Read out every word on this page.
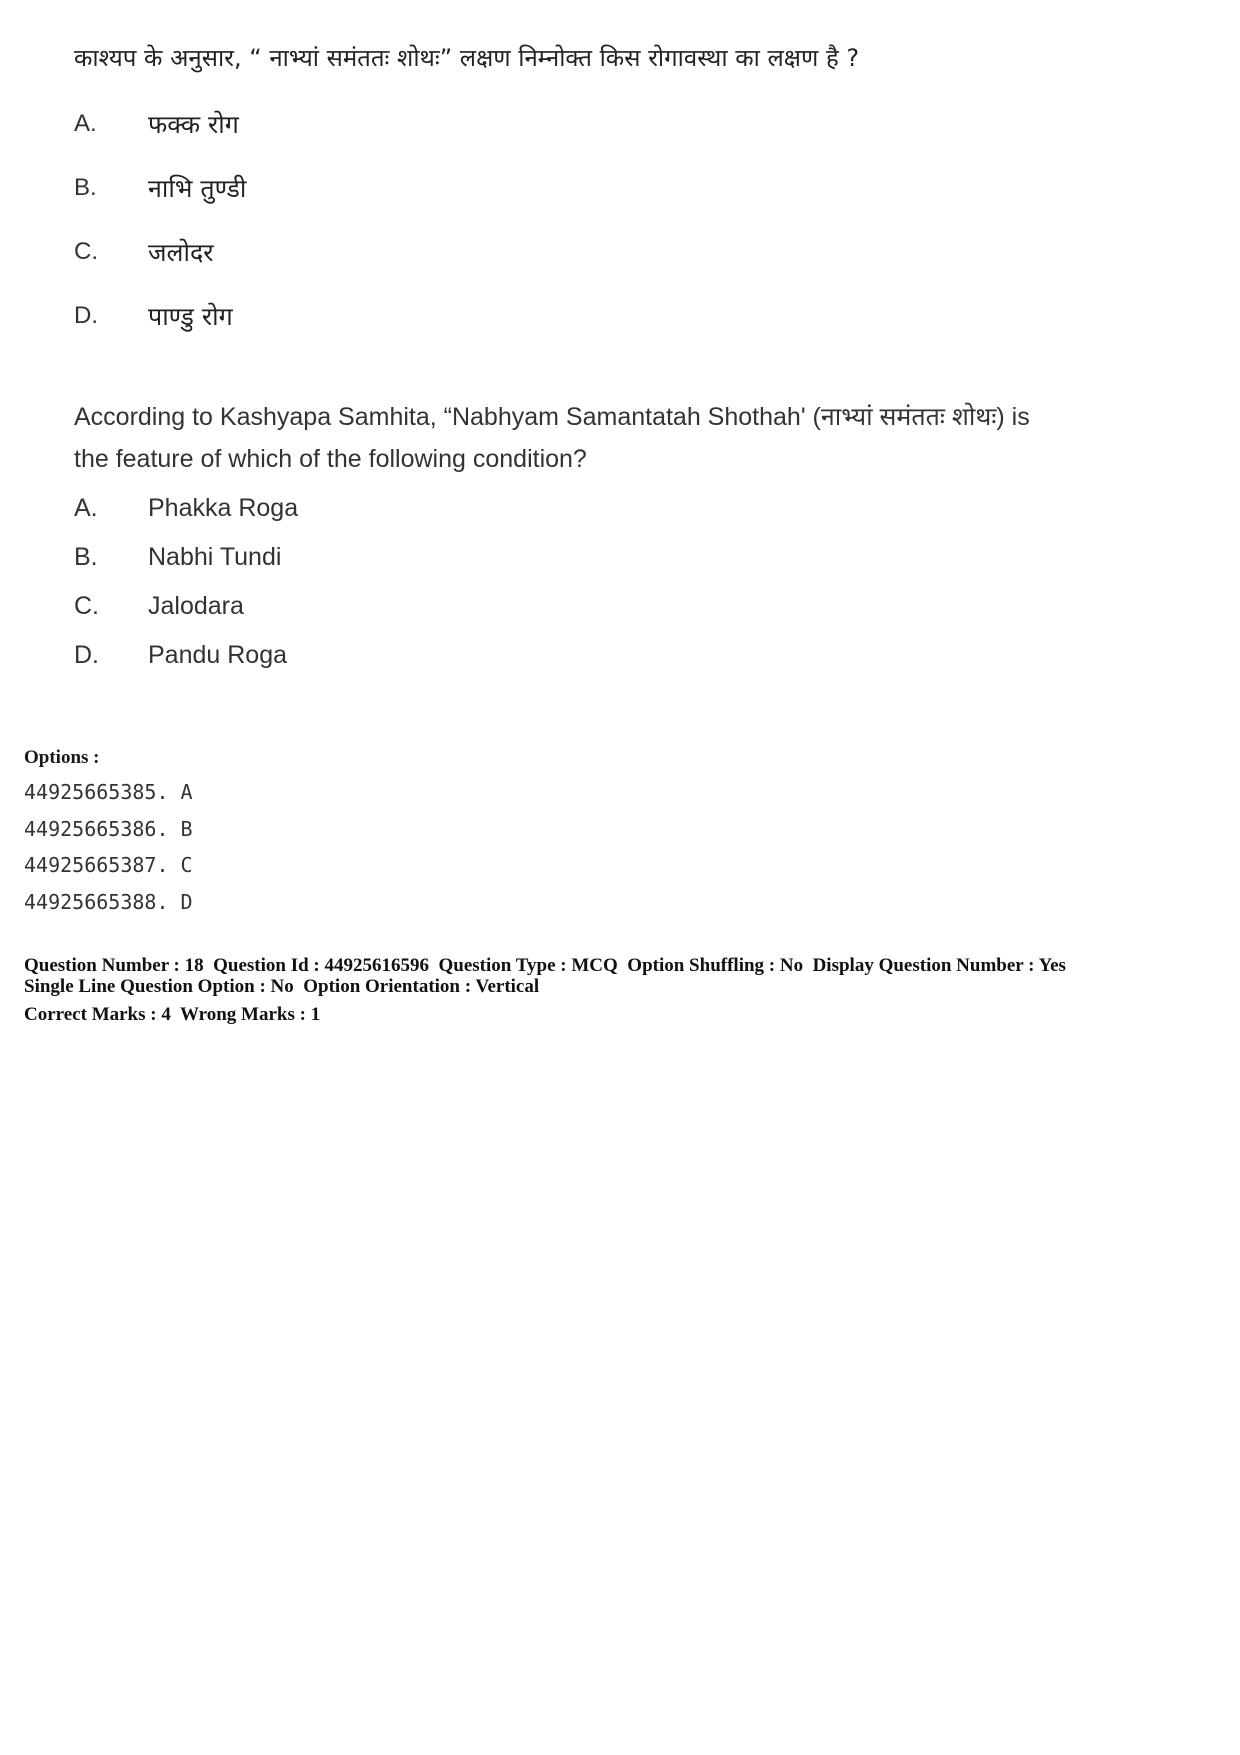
काश्यप के अनुसार, “ नाभ्यां समंततः शोथः” लक्षण निम्नोक्त किस रोगावस्था का लक्षण है ?

A.	फक्क रोग
B.	नाभि तुण्डी
C.	जलोदर
D.	पाण्डु रोग

According to Kashyapa Samhita, “Nabhyam Samantatah Shothah' (नाभ्यां समंततः शोथः) is
the feature of which of the following condition?

A.	Phakka Roga
B.	Nabhi Tundi
C.	Jalodara
D.	Pandu Roga

Options :

44925665385. A
44925665386. B
44925665387. C
44925665388. D
Question Number : 18  Question Id : 44925616596  Question Type : MCQ  Option Shuffling : No  Display Question Number : Yes
Single Line Question Option : No  Option Orientation : Vertical
Correct Marks : 4  Wrong Marks : 1
